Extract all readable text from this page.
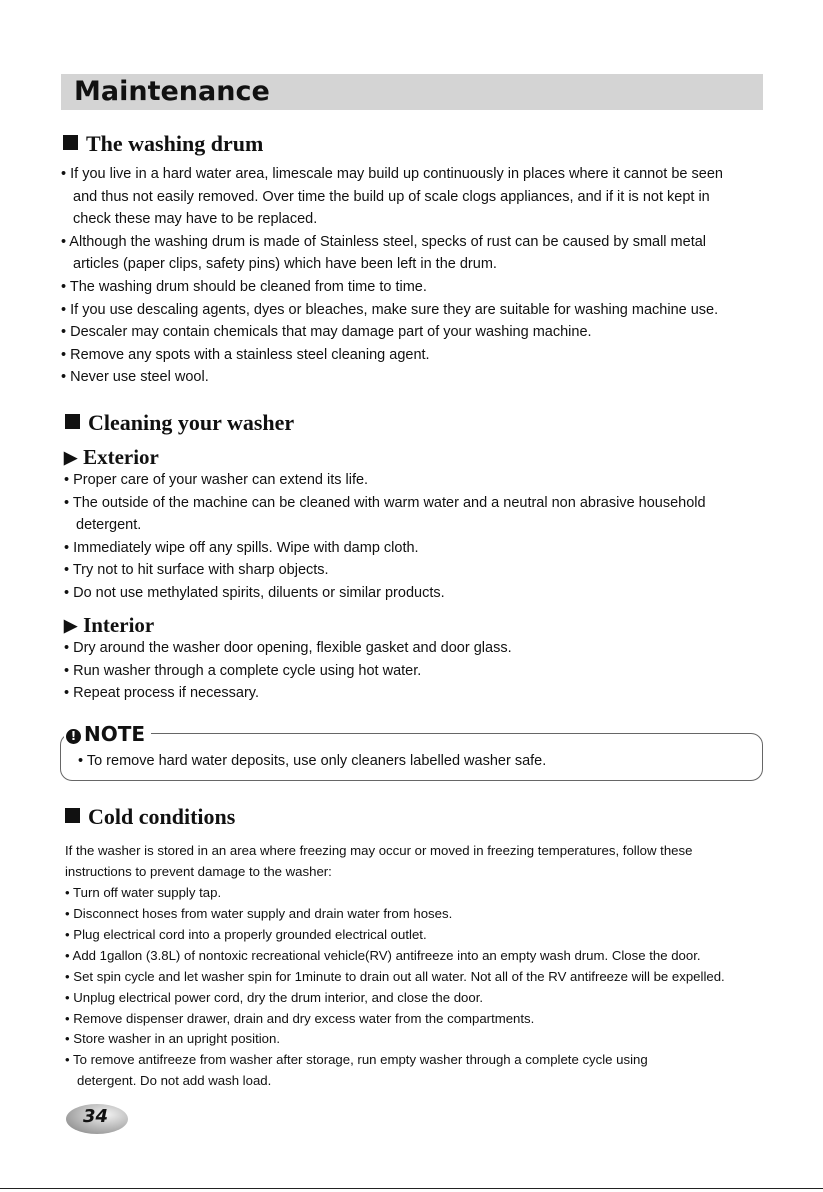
Maintenance
The washing drum
• If you live in a hard water area, limescale may build up continuously in places where it cannot be seen
and thus not easily removed. Over time the build up of scale clogs appliances, and if it is not kept in
check these may have to be replaced.
• Although the washing drum is made of Stainless steel, specks of rust can be caused by small metal
articles (paper clips, safety pins) which have been left in the drum.
• The washing drum should be cleaned from time to time.
• If you use descaling agents, dyes or bleaches, make sure they are suitable for washing machine use.
• Descaler may contain chemicals that may damage part of your washing machine.
• Remove any spots with a stainless steel cleaning agent.
• Never use steel wool.
Cleaning your washer
▶ Exterior
• Proper care of your washer can extend its life.
• The outside of the machine can be cleaned with warm water and a neutral non abrasive household
detergent.
• Immediately wipe off any spills. Wipe with damp cloth.
• Try not to hit surface with sharp objects.
• Do not use methylated spirits, diluents or similar products.
▶ Interior
• Dry around the washer door opening, flexible gasket and door glass.
• Run washer through a complete cycle using hot water.
• Repeat process if necessary.
! NOTE
• To remove hard water deposits, use only cleaners labelled washer safe.
Cold conditions
If the washer is stored in an area where freezing may occur or moved in freezing temperatures, follow these
instructions to prevent damage to the washer:
• Turn off water supply tap.
• Disconnect hoses from water supply and drain water from hoses.
• Plug electrical cord into a properly grounded electrical outlet.
• Add 1gallon (3.8L) of nontoxic recreational vehicle(RV) antifreeze into an empty wash drum. Close the door.
• Set spin cycle and let washer spin for 1minute to drain out all water. Not all of the RV antifreeze will be expelled.
• Unplug electrical power cord, dry the drum interior, and close the door.
• Remove dispenser drawer, drain and dry excess water from the compartments.
• Store washer in an upright position.
• To remove antifreeze from washer after storage, run empty washer through a complete cycle using
detergent. Do not add wash load.
34
